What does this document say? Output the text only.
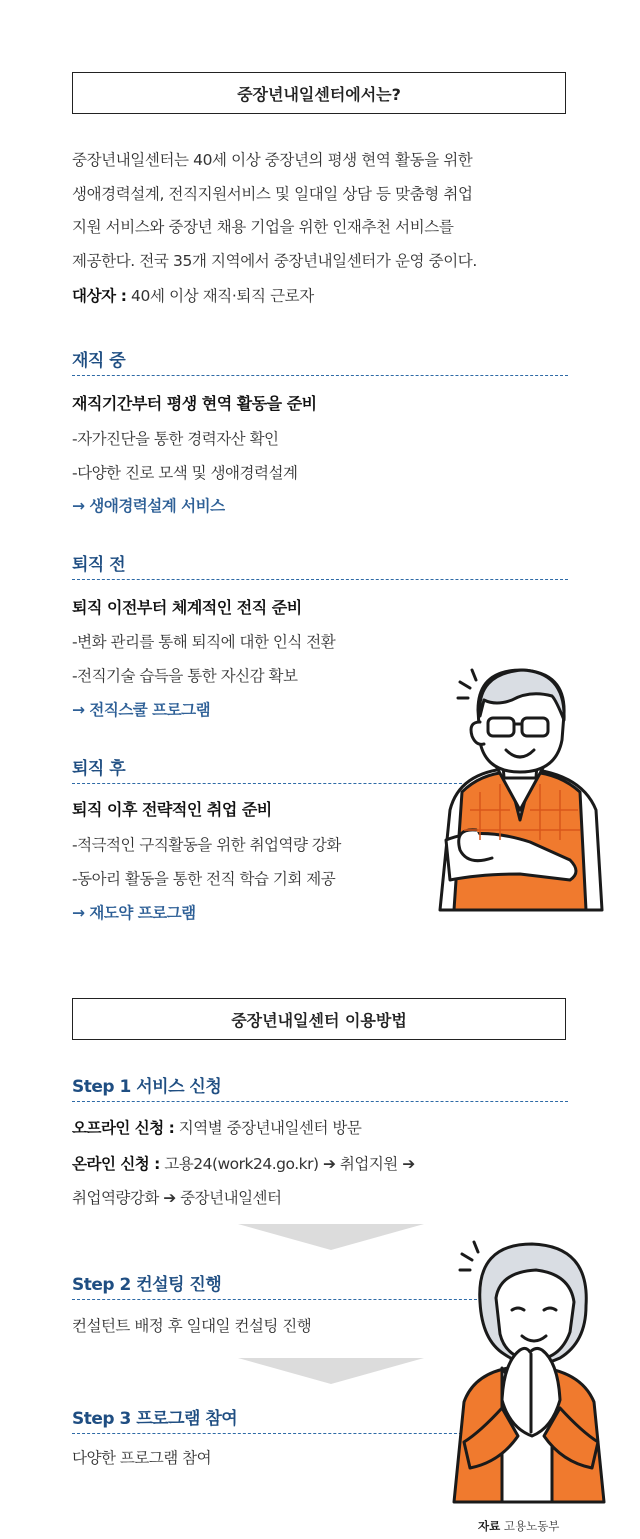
중장년내일센터에서는?

중장년내일센터는 40세 이상 중장년의 평생 현역 활동을 위한
생애경력설계, 전직지원서비스 및 일대일 상담 등 맞춤형 취업
지원 서비스와 중장년 채용 기업을 위한 인재추천 서비스를
제공한다. 전국 35개 지역에서 중장년내일센터가 운영 중이다.

대상자 : 40세 이상 재직·퇴직 근로자
재직 중
재직기간부터 평생 현역 활동을 준비
-자가진단을 통한 경력자산 확인
-다양한 진로 모색 및 생애경력설계
→ 생애경력설계 서비스
퇴직 전
퇴직 이전부터 체계적인 전직 준비
-변화 관리를 통해 퇴직에 대한 인식 전환
-전직기술 습득을 통한 자신감 확보
→ 전직스쿨 프로그램
퇴직 후
퇴직 이후 전략적인 취업 준비
-적극적인 구직활동을 위한 취업역량 강화
-동아리 활동을 통한 전직 학습 기회 제공
→ 재도약 프로그램
중장년내일센터 이용방법
Step 1 서비스 신청
오프라인 신청 : 지역별 중장년내일센터 방문
온라인 신청 : 고용24(work24.go.kr) ➔ 취업지원 ➔
취업역량강화 ➔ 중장년내일센터
Step 2 컨설팅 진행
컨설턴트 배정 후 일대일 컨설팅 진행
Step 3 프로그램 참여
다양한 프로그램 참여
자료 고용노동부
